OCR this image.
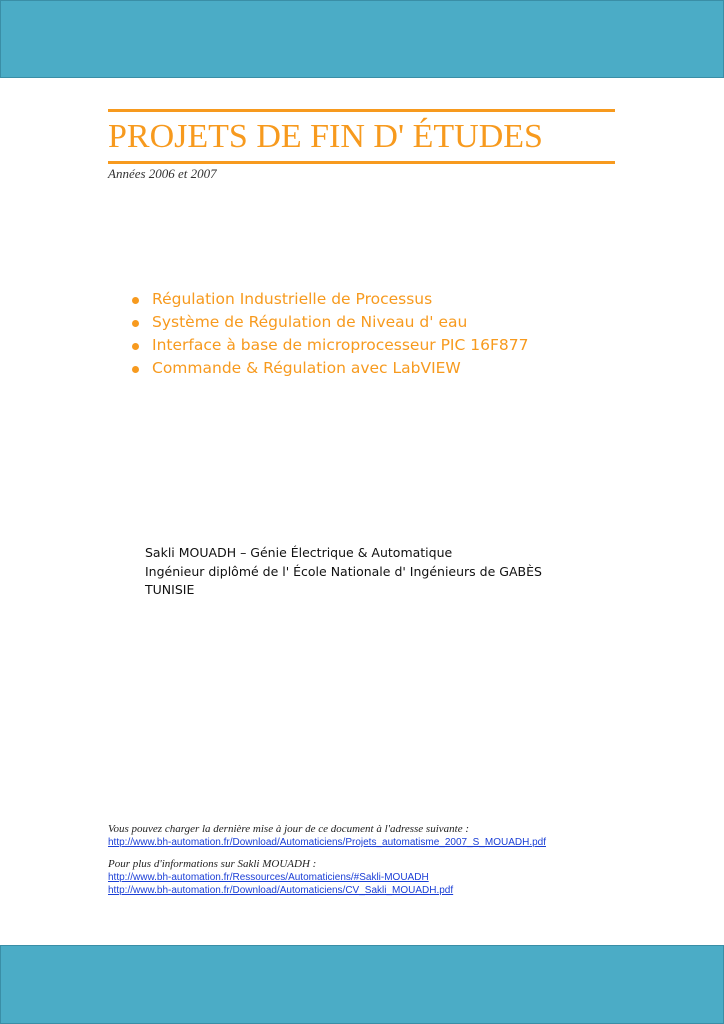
PROJETS DE FIN D' ÉTUDES
Années 2006 et 2007
Régulation Industrielle de Processus
Système de Régulation de Niveau d' eau
Interface à base de microprocesseur PIC 16F877
Commande & Régulation avec LabVIEW
Sakli MOUADH – Génie Électrique & Automatique
Ingénieur diplômé de l' École Nationale d' Ingénieurs de GABÈS
TUNISIE
Vous pouvez charger la dernière mise à jour de ce document à l'adresse suivante :
http://www.bh-automation.fr/Download/Automaticiens/Projets_automatisme_2007_S_MOUADH.pdf
Pour plus d'informations sur Sakli MOUADH :
http://www.bh-automation.fr/Ressources/Automaticiens/#Sakli-MOUADH
http://www.bh-automation.fr/Download/Automaticiens/CV_Sakli_MOUADH.pdf
